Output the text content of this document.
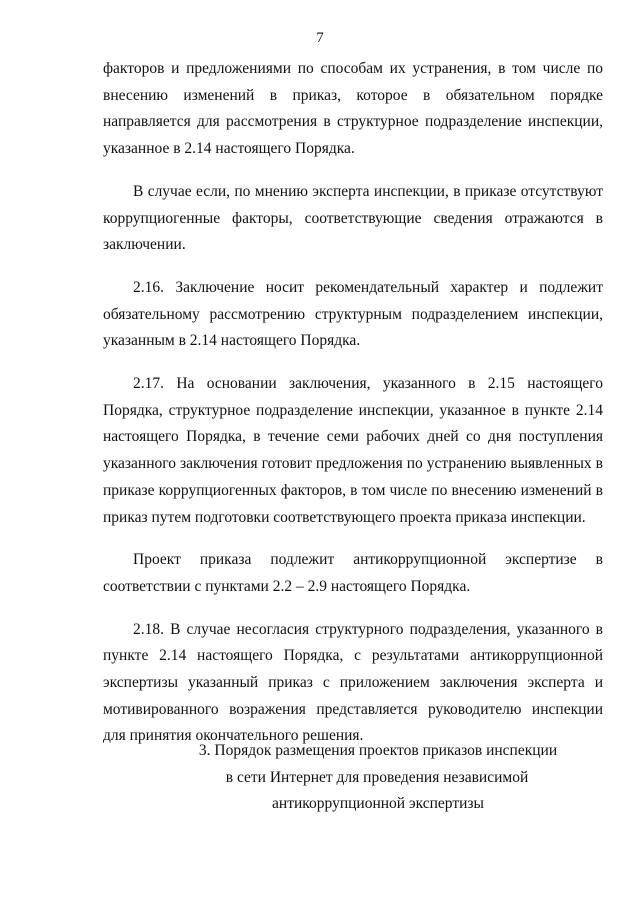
7

факторов и предложениями по способам их устранения, в том числе по внесению изменений в приказ, которое в обязательном порядке направляется для рассмотрения в структурное подразделение инспекции, указанное в 2.14 настоящего Порядка.

В случае если, по мнению эксперта инспекции, в приказе отсутствуют коррупциогенные факторы, соответствующие сведения отражаются в заключении.

2.16. Заключение носит рекомендательный характер и подлежит обязательному рассмотрению структурным подразделением инспекции, указанным в 2.14 настоящего Порядка.

2.17. На основании заключения, указанного в 2.15 настоящего Порядка, структурное подразделение инспекции, указанное в пункте 2.14 настоящего Порядка, в течение семи рабочих дней со дня поступления указанного заключения готовит предложения по устранению выявленных в приказе коррупциогенных факторов, в том числе по внесению изменений в приказ путем подготовки соответствующего проекта приказа инспекции.

Проект приказа подлежит антикоррупционной экспертизе в соответствии с пунктами 2.2 – 2.9 настоящего Порядка.

2.18. В случае несогласия структурного подразделения, указанного в пункте 2.14 настоящего Порядка, с результатами антикоррупционной экспертизы указанный приказ с приложением заключения эксперта и мотивированного возражения представляется руководителю инспекции для принятия окончательного решения.

3. Порядок размещения проектов приказов инспекции
в сети Интернет для проведения независимой
антикоррупционной экспертизы
